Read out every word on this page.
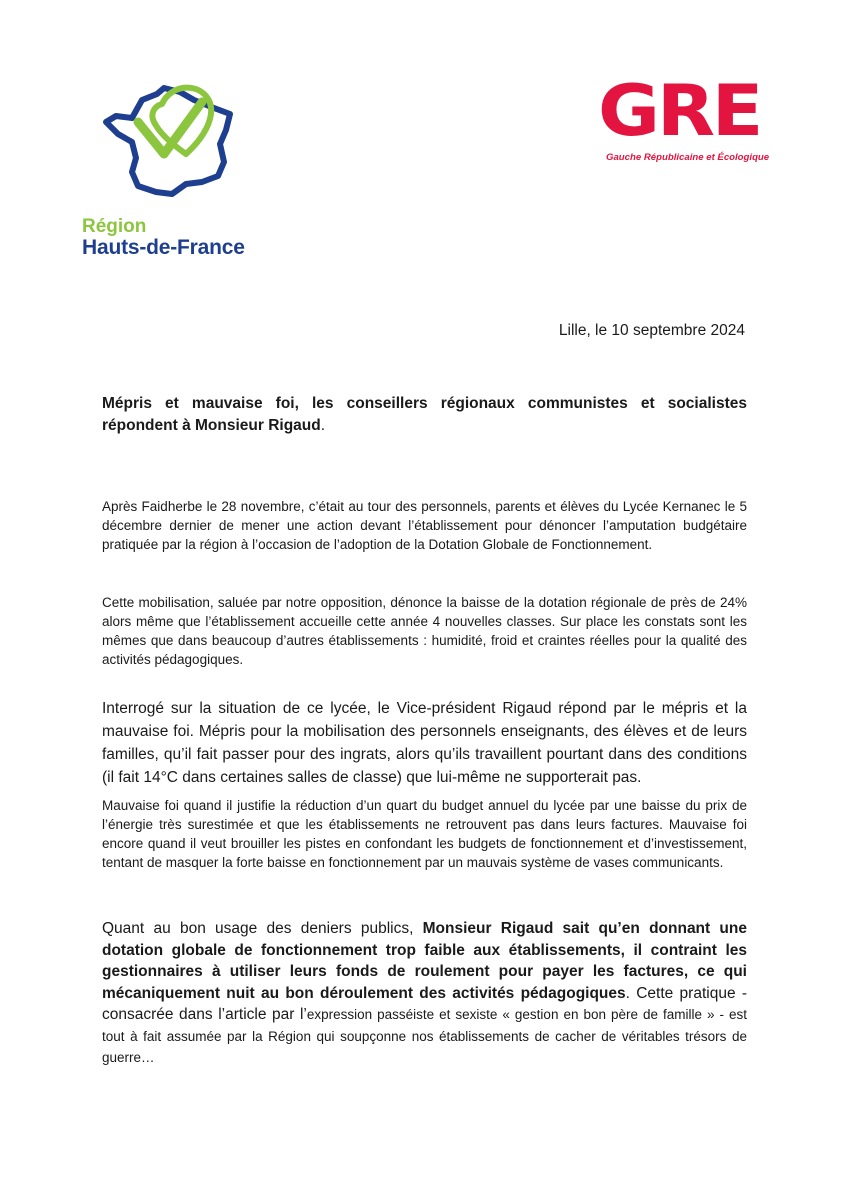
Région
Hauts-de-France
GRE
Gauche Républicaine et Écologique
Lille, le 10 septembre 2024
Mépris et mauvaise foi, les conseillers régionaux communistes et socialistes répondent à Monsieur Rigaud.

Après Faidherbe le 28 novembre, c’était au tour des personnels, parents et élèves du Lycée Kernanec le 5 décembre dernier de mener une action devant l’établissement pour dénoncer l’amputation budgétaire pratiquée par la région à l’occasion de l’adoption de la Dotation Globale de Fonctionnement.

Cette mobilisation, saluée par notre opposition, dénonce la baisse de la dotation régionale de près de 24% alors même que l’établissement accueille cette année 4 nouvelles classes. Sur place les constats sont les mêmes que dans beaucoup d’autres établissements : humidité, froid et craintes réelles pour la qualité des activités pédagogiques.

Interrogé sur la situation de ce lycée, le Vice-président Rigaud répond par le mépris et la mauvaise foi. Mépris pour la mobilisation des personnels enseignants, des élèves et de leurs familles, qu’il fait passer pour des ingrats, alors qu’ils travaillent pourtant dans des conditions (il fait 14°C dans certaines salles de classe) que lui-même ne supporterait pas.

Mauvaise foi quand il justifie la réduction d’un quart du budget annuel du lycée par une baisse du prix de l’énergie très surestimée et que les établissements ne retrouvent pas dans leurs factures. Mauvaise foi encore quand il veut brouiller les pistes en confondant les budgets de fonctionnement et d’investissement, tentant de masquer la forte baisse en fonctionnement par un mauvais système de vases communicants.

Quant au bon usage des deniers publics, Monsieur Rigaud sait qu’en donnant une dotation globale de fonctionnement trop faible aux établissements, il contraint les gestionnaires à utiliser leurs fonds de roulement pour payer les factures, ce qui mécaniquement nuit au bon déroulement des activités pédagogiques. Cette pratique - consacrée dans l’article par l’expression passéiste et sexiste « gestion en bon père de famille » - est tout à fait assumée par la Région qui soupçonne nos établissements de cacher de véritables trésors de guerre…
